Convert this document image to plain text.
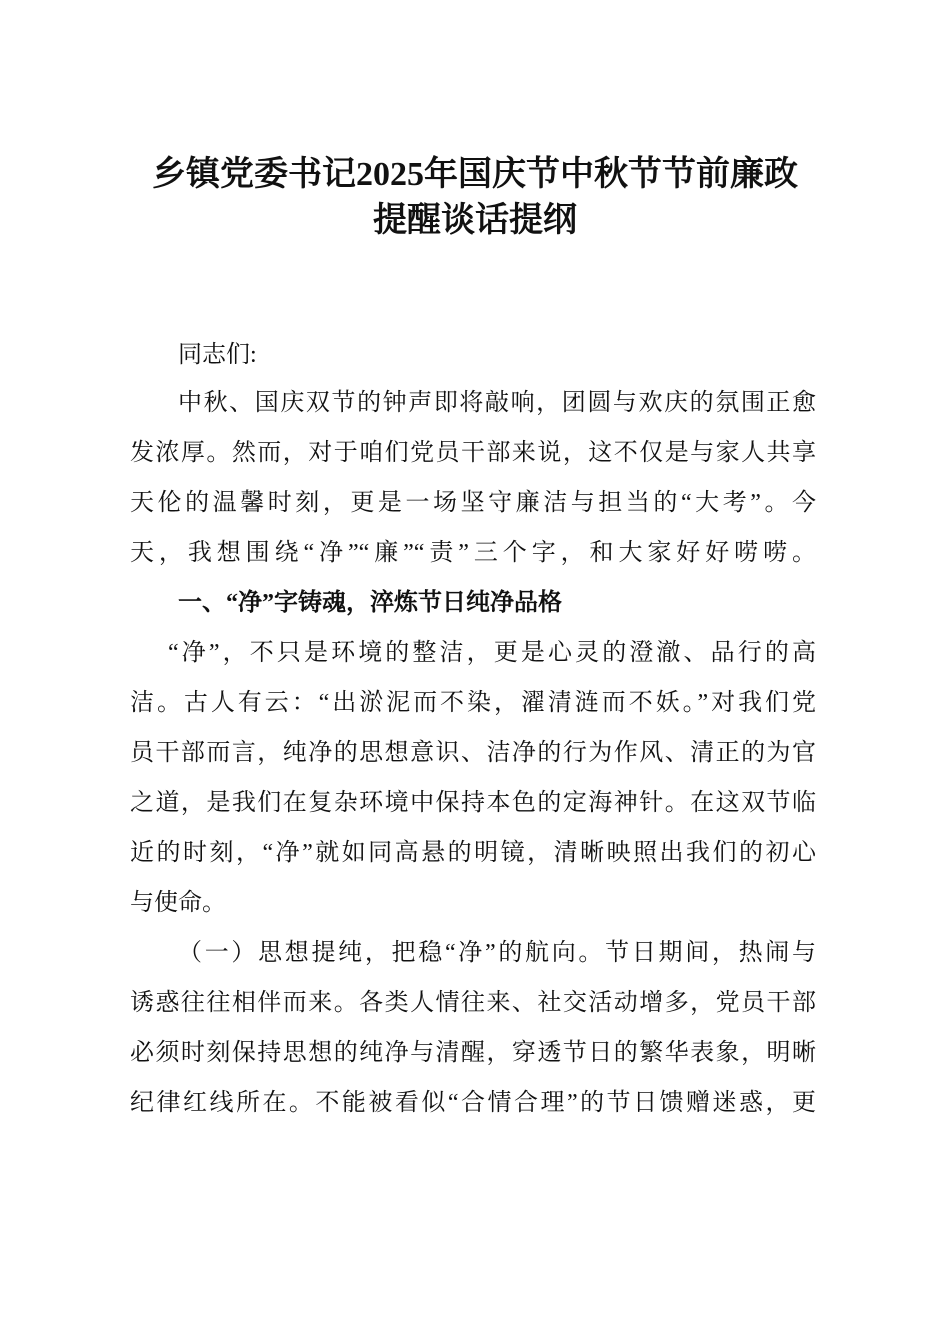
乡镇党委书记2025年国庆节中秋节节前廉政
提醒谈话提纲
同志们:
中秋、国庆双节的钟声即将敲响，团圆与欢庆的氛围正愈
发浓厚。然而，对于咱们党员干部来说，这不仅是与家人共享
天伦的温馨时刻，更是一场坚守廉洁与担当的“大考”。今
天，我想围绕“净”“廉”“责”三个字，和大家好好唠唠。
一、“净”字铸魂，淬炼节日纯净品格
“净”，不只是环境的整洁，更是心灵的澄澈、品行的高
洁。古人有云：“出淤泥而不染，濯清涟而不妖。”对我们党
员干部而言，纯净的思想意识、洁净的行为作风、清正的为官
之道，是我们在复杂环境中保持本色的定海神针。在这双节临
近的时刻，“净”就如同高悬的明镜，清晰映照出我们的初心
与使命。
（一）思想提纯，把稳“净”的航向。节日期间，热闹与
诱惑往往相伴而来。各类人情往来、社交活动增多，党员干部
必须时刻保持思想的纯净与清醒，穿透节日的繁华表象，明晰
纪律红线所在。不能被看似“合情合理”的节日馈赠迷惑，更
